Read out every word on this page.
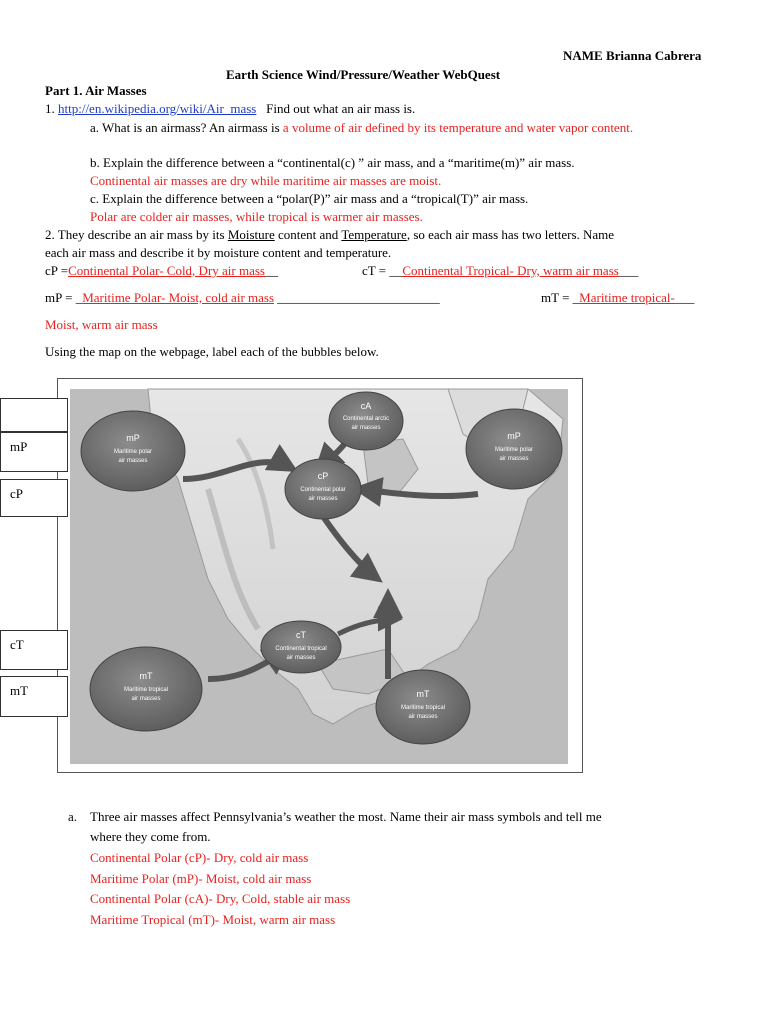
NAME Brianna Cabrera
Earth Science Wind/Pressure/Weather WebQuest
Part 1. Air Masses
1. http://en.wikipedia.org/wiki/Air_mass Find out what an air mass is.
a. What is an airmass? An airmass is a volume of air defined by its temperature and water vapor content.
b. Explain the difference between a “continental(c) ” air mass, and a “maritime(m)” air mass.
Continental air masses are dry while maritime air masses are moist.
c. Explain the difference between a “polar(P)” air mass and a “tropical(T)” air mass.
Polar are colder air masses, while tropical is warmer air masses.
2. They describe an air mass by its Moisture content and Temperature, so each air mass has two letters. Name
each air mass and describe it by moisture content and temperature.
cP =Continental Polar- Cold, Dry air mass__	cT = __Continental Tropical- Dry, warm air mass___
mP = _Maritime Polar- Moist, cold air mass _________________________	mT = _Maritime tropical-___
Moist, warm air mass
Using the map on the webpage, label each of the bubbles below.
cA
Continental arctic
air masses
mP
Maritime polar
air masses
cP
Continental polar
air masses
mP
Maritime polar
air masses
cT
Continental tropical
air masses
mT
Maritime tropical
air masses	mT
Maritime tropical
air masses
mP
cP
cT
mT
a. Three air masses affect Pennsylvania’s weather the most. Name their air mass symbols and tell me
where they come from.
Continental Polar (cP)- Dry, cold air mass
Maritime Polar (mP)- Moist, cold air mass
Continental Polar (cA)- Dry, Cold, stable air mass
Maritime Tropical (mT)- Moist, warm air mass
